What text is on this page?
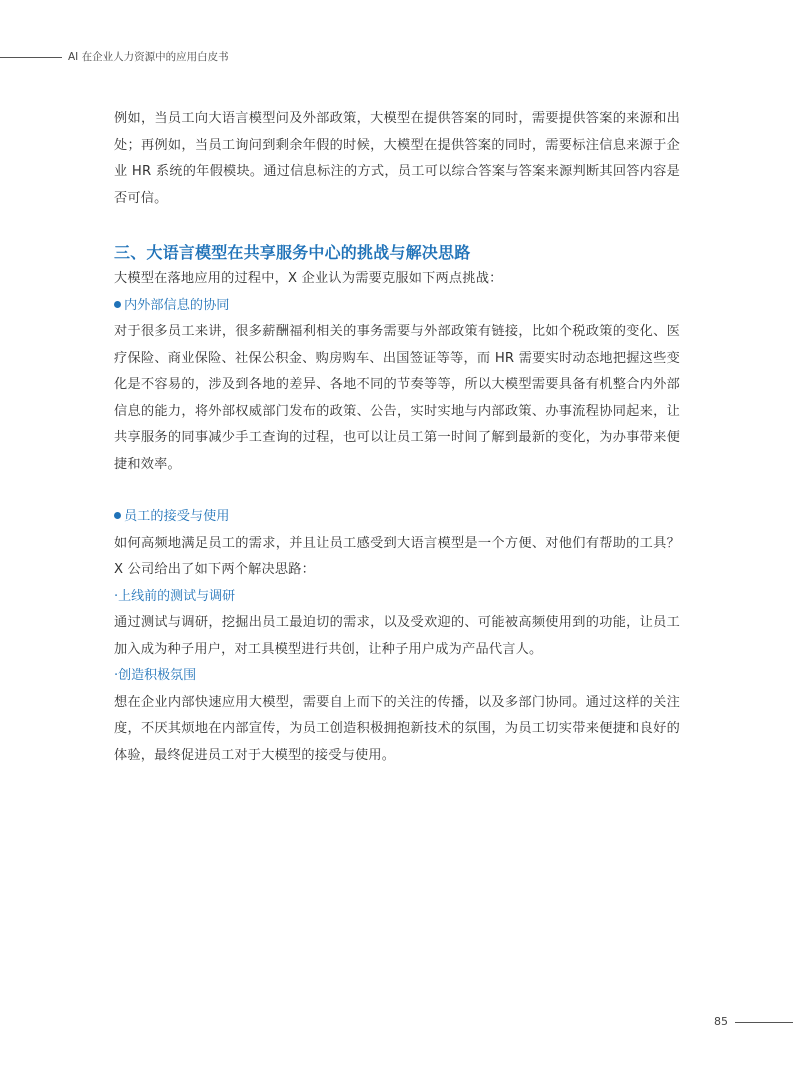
AI 在企业人力资源中的应用白皮书

例如，当员工向大语言模型问及外部政策，大模型在提供答案的同时，需要提供答案的来源和出处；再例如，当员工询问到剩余年假的时候，大模型在提供答案的同时，需要标注信息来源于企业 HR 系统的年假模块。通过信息标注的方式，员工可以综合答案与答案来源判断其回答内容是否可信。

三、大语言模型在共享服务中心的挑战与解决思路

大模型在落地应用的过程中，X 企业认为需要克服如下两点挑战：

内外部信息的协同

对于很多员工来讲，很多薪酬福利相关的事务需要与外部政策有链接，比如个税政策的变化、医疗保险、商业保险、社保公积金、购房购车、出国签证等等，而 HR 需要实时动态地把握这些变化是不容易的，涉及到各地的差异、各地不同的节奏等等，所以大模型需要具备有机整合内外部信息的能力，将外部权威部门发布的政策、公告，实时实地与内部政策、办事流程协同起来，让共享服务的同事减少手工查询的过程，也可以让员工第一时间了解到最新的变化，为办事带来便捷和效率。

员工的接受与使用

如何高频地满足员工的需求，并且让员工感受到大语言模型是一个方便、对他们有帮助的工具？X 公司给出了如下两个解决思路：

·上线前的测试与调研

通过测试与调研，挖掘出员工最迫切的需求，以及受欢迎的、可能被高频使用到的功能，让员工加入成为种子用户，对工具模型进行共创，让种子用户成为产品代言人。

·创造积极氛围

想在企业内部快速应用大模型，需要自上而下的关注的传播，以及多部门协同。通过这样的关注度，不厌其烦地在内部宣传，为员工创造积极拥抱新技术的氛围，为员工切实带来便捷和良好的体验，最终促进员工对于大模型的接受与使用。

85
